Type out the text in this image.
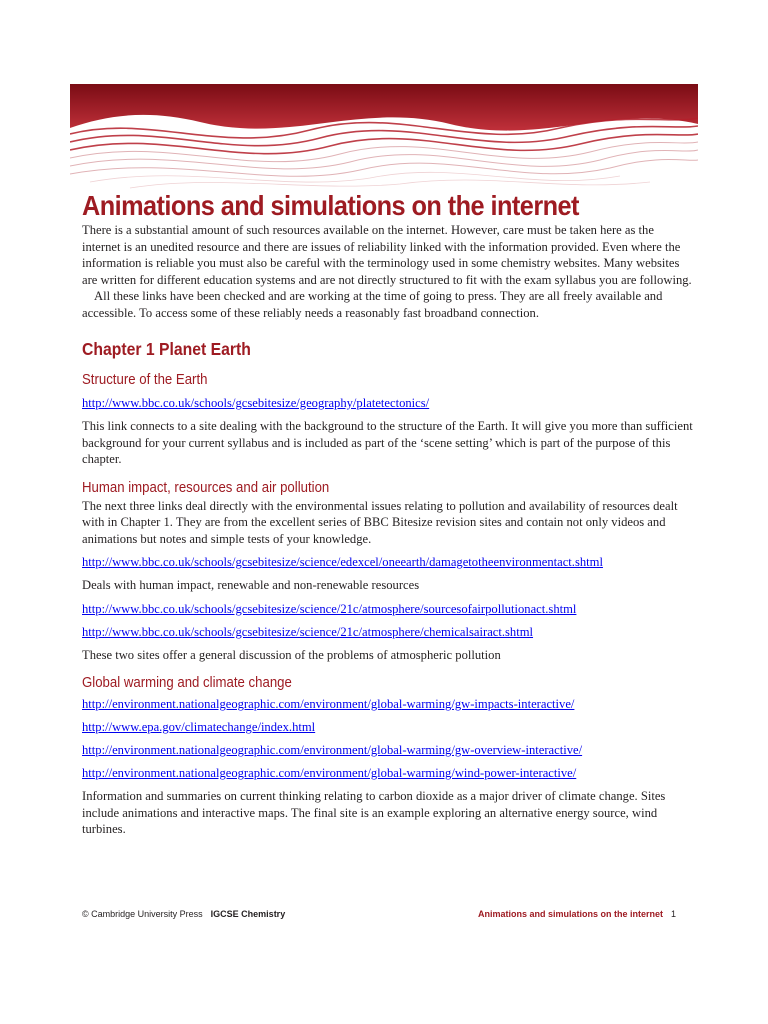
Animations and simulations on the internet

There is a substantial amount of such resources available on the internet. However, care must be taken here as the internet is an unedited resource and there are issues of reliability linked with the information provided. Even where the information is reliable you must also be careful with the terminology used in some chemistry websites. Many websites are written for different education systems and are not directly structured to fit with the exam syllabus you are following.

All these links have been checked and are working at the time of going to press. They are all freely available and accessible. To access some of these reliably needs a reasonably fast broadband connection.

Chapter 1 Planet Earth
Structure of the Earth
http://www.bbc.co.uk/schools/gcsebitesize/geography/platetectonics/

This link connects to a site dealing with the background to the structure of the Earth. It will give you more than sufficient background for your current syllabus and is included as part of the ‘scene setting’ which is part of the purpose of this chapter.

Human impact, resources and air pollution

The next three links deal directly with the environmental issues relating to pollution and availability of resources dealt with in Chapter 1. They are from the excellent series of BBC Bitesize revision sites and contain not only videos and animations but notes and simple tests of your knowledge.

http://www.bbc.co.uk/schools/gcsebitesize/science/edexcel/oneearth/damagetotheenvironmentact.shtml

Deals with human impact, renewable and non-renewable resources

http://www.bbc.co.uk/schools/gcsebitesize/science/21c/atmosphere/sourcesofairpollutionact.shtml
http://www.bbc.co.uk/schools/gcsebitesize/science/21c/atmosphere/chemicalsairact.shtml

These two sites offer a general discussion of the problems of atmospheric pollution

Global warming and climate change
http://environment.nationalgeographic.com/environment/global-warming/gw-impacts-interactive/
http://www.epa.gov/climatechange/index.html
http://environment.nationalgeographic.com/environment/global-warming/gw-overview-interactive/
http://environment.nationalgeographic.com/environment/global-warming/wind-power-interactive/

Information and summaries on current thinking relating to carbon dioxide as a major driver of climate change. Sites include animations and interactive maps. The final site is an example exploring an alternative energy source, wind turbines.

© Cambridge University Press IGCSE Chemistry	Animations and simulations on the internet 1
